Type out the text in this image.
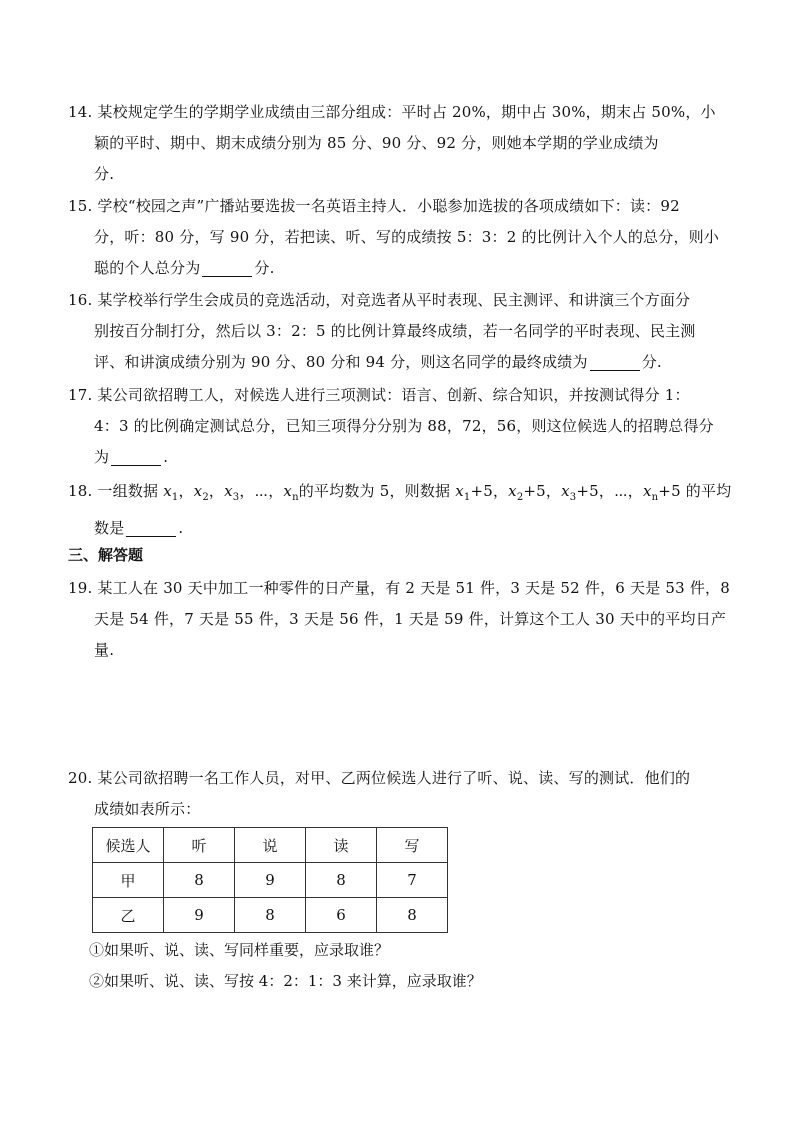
14. 某校规定学生的学期学业成绩由三部分组成：平时占 20%，期中占 30%，期末占 50%，小
颖的平时、期中、期末成绩分别为 85 分、90 分、92 分，则她本学期的学业成绩为
分.
15. 学校“校园之声”广播站要选拔一名英语主持人．小聪参加选拔的各项成绩如下：读：92
分，听：80 分，写 90 分，若把读、听、写的成绩按 5：3：2 的比例计入个人的总分，则小
聪的个人总分为	分.
16. 某学校举行学生会成员的竞选活动，对竞选者从平时表现、民主测评、和讲演三个方面分
别按百分制打分，然后以 3：2：5 的比例计算最终成绩，若一名同学的平时表现、民主测
评、和讲演成绩分别为 90 分、80 分和 94 分，则这名同学的最终成绩为	分.
17. 某公司欲招聘工人，对候选人进行三项测试：语言、创新、综合知识，并按测试得分 1：
4：3 的比例确定测试总分，已知三项得分分别为 88，72，56，则这位候选人的招聘总得分
为	.
18. 一组数据 $x_1$，$x_2$，$x_3$，⋯，$x_n$的平均数为 5，则数据 $x_1+5$，$x_2+5$，$x_3+5$，⋯，$x_n+5$ 的平均
数是	.
三、解答题
19. 某工人在 30 天中加工一种零件的日产量，有 2 天是 51 件，3 天是 52 件，6 天是 53 件，8
天是 54 件，7 天是 55 件，3 天是 56 件，1 天是 59 件，计算这个工人 30 天中的平均日产
量.
20. 某公司欲招聘一名工作人员，对甲、乙两位候选人进行了听、说、读、写的测试．他们的
成绩如表所示：
候选人	听	说	读	写
甲	8	9	8	7
乙	9	8	6	8
①如果听、说、读、写同样重要，应录取谁？
②如果听、说、读、写按 4：2：1：3 来计算，应录取谁？
